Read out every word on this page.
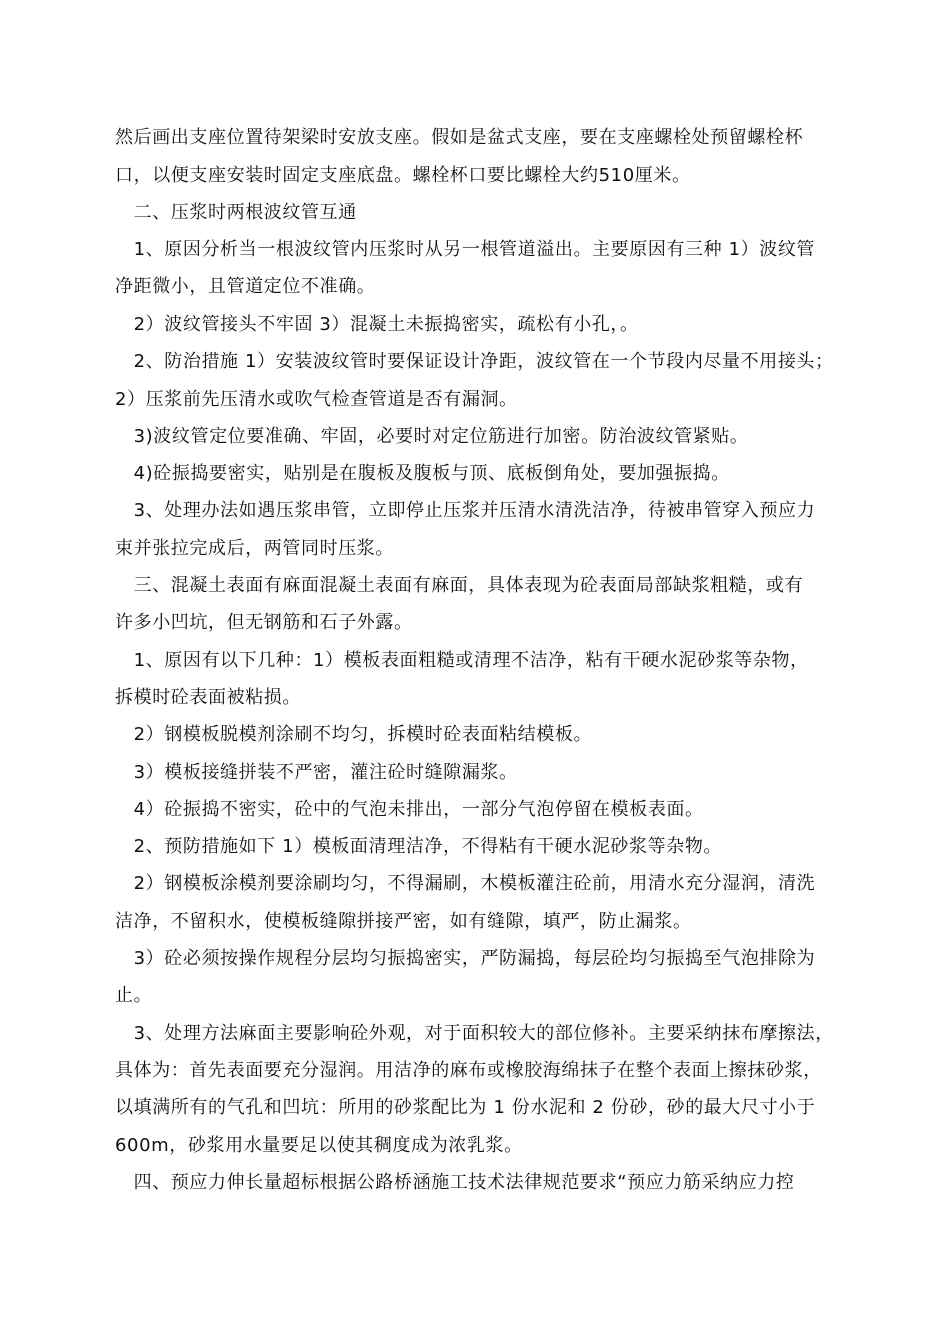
然后画出支座位置待架梁时安放支座。假如是盆式支座，要在支座螺栓处预留螺栓杯
口，以便支座安装时固定支座底盘。螺栓杯口要比螺栓大约510厘米。
　二、压浆时两根波纹管互通
　1、原因分析当一根波纹管内压浆时从另一根管道溢出。主要原因有三种 1）波纹管
净距微小，且管道定位不准确。
　2）波纹管接头不牢固 3）混凝土未振捣密实，疏松有小孔，。
　2、防治措施 1）安装波纹管时要保证设计净距，波纹管在一个节段内尽量不用接头；
2）压浆前先压清水或吹气检查管道是否有漏洞。
　3)波纹管定位要准确、牢固，必要时对定位筋进行加密。防治波纹管紧贴。
　4)砼振捣要密实，贴别是在腹板及腹板与顶、底板倒角处，要加强振捣。
　3、处理办法如遇压浆串管，立即停止压浆并压清水清洗洁净，待被串管穿入预应力
束并张拉完成后，两管同时压浆。
　三、混凝土表面有麻面混凝土表面有麻面，具体表现为砼表面局部缺浆粗糙，或有
许多小凹坑，但无钢筋和石子外露。
　1、原因有以下几种：1）模板表面粗糙或清理不洁净，粘有干硬水泥砂浆等杂物，
拆模时砼表面被粘损。
　2）钢模板脱模剂涂刷不均匀，拆模时砼表面粘结模板。
　3）模板接缝拼装不严密，灌注砼时缝隙漏浆。
　4）砼振捣不密实，砼中的气泡未排出，一部分气泡停留在模板表面。
　2、预防措施如下 1）模板面清理洁净，不得粘有干硬水泥砂浆等杂物。
　2）钢模板涂模剂要涂刷均匀，不得漏刷，木模板灌注砼前，用清水充分湿润，清洗
洁净，不留积水，使模板缝隙拼接严密，如有缝隙，填严，防止漏浆。
　3）砼必须按操作规程分层均匀振捣密实，严防漏捣，每层砼均匀振捣至气泡排除为
止。
　3、处理方法麻面主要影响砼外观，对于面积较大的部位修补。主要采纳抹布摩擦法，
具体为：首先表面要充分湿润。用洁净的麻布或橡胶海绵抹子在整个表面上擦抹砂浆，
以填满所有的气孔和凹坑：所用的砂浆配比为 1 份水泥和 2 份砂，砂的最大尺寸小于
600m，砂浆用水量要足以使其稠度成为浓乳浆。
　四、预应力伸长量超标根据公路桥涵施工技术法律规范要求“预应力筋采纳应力控
